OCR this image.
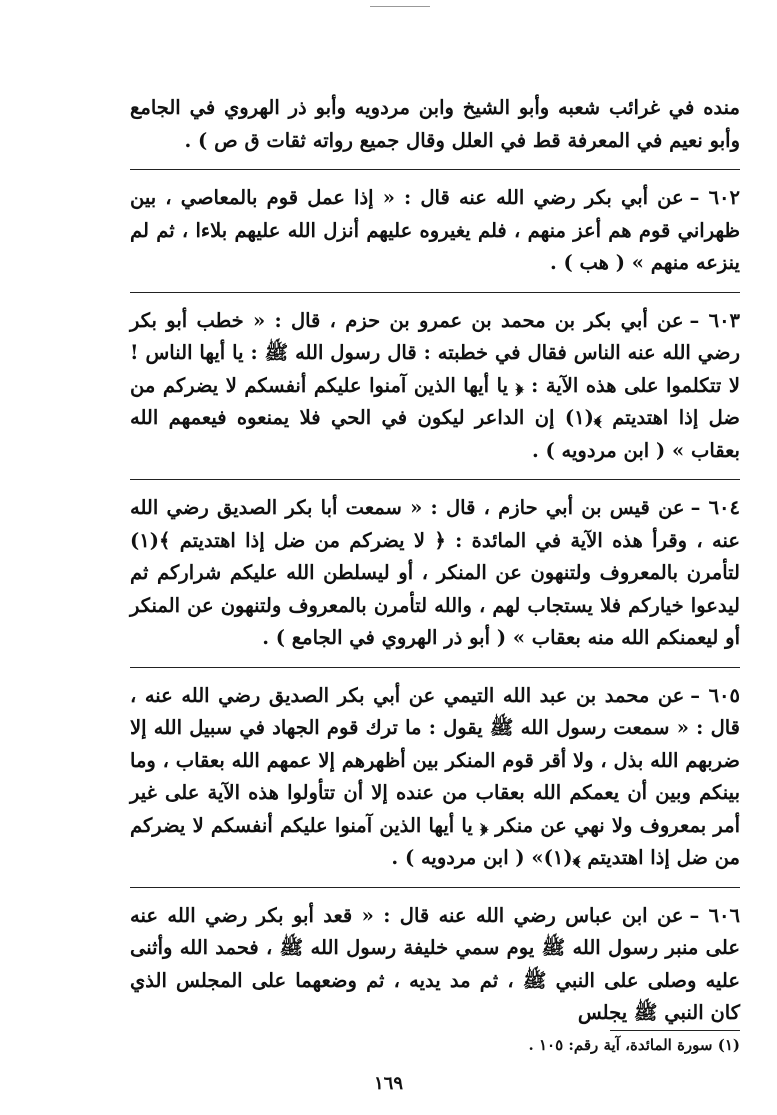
منده في غرائب شعبه وأبو الشيخ وابن مردويه وأبو ذر الهروي في الجامع وأبو نعيم في المعرفة قط في العلل وقال جميع رواته ثقات ق ص ) .

٦٠٢ –عن أبي بكر رضي الله عنه قال : « إذا عمل قوم بالمعاصي ، بين ظهراني قوم هم أعز منهم ، فلم يغيروه عليهم أنزل الله عليهم بلاءا ، ثم لم ينزعه منهم » ( هب ) .

٦٠٣ –عن أبي بكر بن محمد بن عمرو بن حزم ، قال : « خطب أبو بكر رضي الله عنه الناس فقال في خطبته : قال رسول الله ﷺ : يا أيها الناس ! لا تتكلموا على هذه الآية : ﴿ يا أيها الذين آمنوا عليكم أنفسكم لا يضركم من ضل إذا اهتديتم ﴾(١) إن الداعر ليكون في الحي فلا يمنعوه فيعمهم الله بعقاب » ( ابن مردويه ) .

٦٠٤ –عن قيس بن أبي حازم ، قال : « سمعت أبا بكر الصديق رضي الله عنه ، وقرأ هذه الآية في المائدة : ﴿ لا يضركم من ضل إذا اهتديتم ﴾(١) لتأمرن بالمعروف ولتنهون عن المنكر ، أو ليسلطن الله عليكم شراركم ثم ليدعوا خياركم فلا يستجاب لهم ، والله لتأمرن بالمعروف ولتنهون عن المنكر أو ليعمنكم الله منه بعقاب » ( أبو ذر الهروي في الجامع ) .

٦٠٥ –عن محمد بن عبد الله التيمي عن أبي بكر الصديق رضي الله عنه ، قال : « سمعت رسول الله ﷺ يقول : ما ترك قوم الجهاد في سبيل الله إلا ضربهم الله بذل ، ولا أقر قوم المنكر بين أظهرهم إلا عمهم الله بعقاب ، وما بينكم وبين أن يعمكم الله بعقاب من عنده إلا أن تتأولوا هذه الآية على غير أمر بمعروف ولا نهي عن منكر ﴿ يا أيها الذين آمنوا عليكم أنفسكم لا يضركم من ضل إذا اهتديتم ﴾(١)» ( ابن مردويه ) .

٦٠٦ –عن ابن عباس رضي الله عنه قال : « قعد أبو بكر رضي الله عنه على منبر رسول الله ﷺ يوم سمي خليفة رسول الله ﷺ ، فحمد الله وأثنى عليه وصلى على النبي ﷺ ، ثم مد يديه ، ثم وضعهما على المجلس الذي كان النبي ﷺ يجلس

(١) سورة المائدة، آية رقم: ١٠٥ .
١٦٩
